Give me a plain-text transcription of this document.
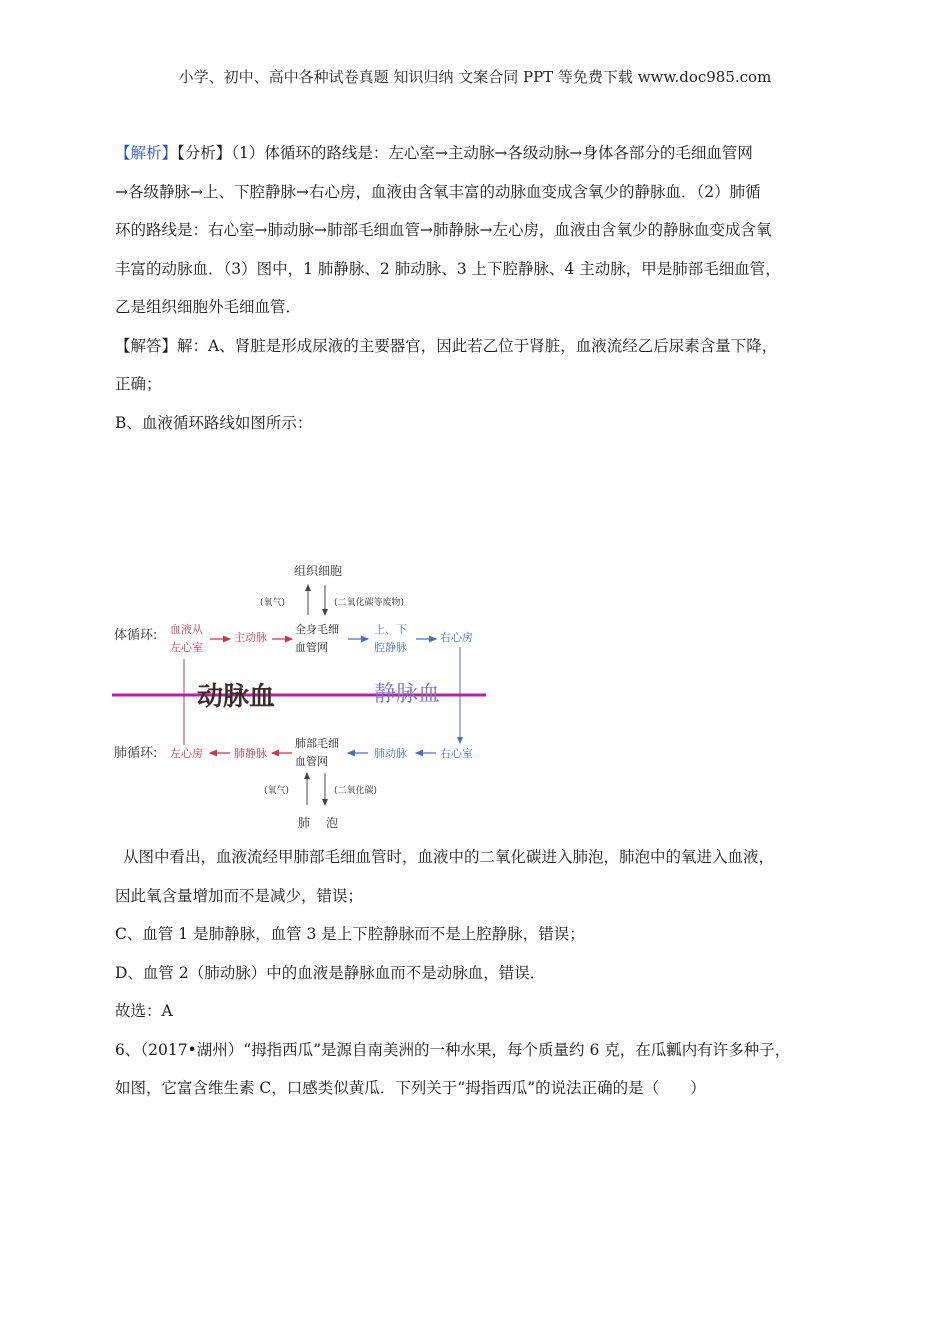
小学、初中、高中各种试卷真题 知识归纳 文案合同 PPT 等免费下载 www.doc985.com

【解析】【分析】（1）体循环的路线是：左心室→主动脉→各级动脉→身体各部分的毛细血管网

→各级静脉→上、下腔静脉→右心房，血液由含氧丰富的动脉血变成含氧少的静脉血．（2）肺循

环的路线是：右心室→肺动脉→肺部毛细血管→肺静脉→左心房，血液由含氧少的静脉血变成含氧

丰富的动脉血．（3）图中，1 肺静脉、2 肺动脉、3 上下腔静脉、4 主动脉，甲是肺部毛细血管，

乙是组织细胞外毛细血管．

【解答】解：A、肾脏是形成尿液的主要器官，因此若乙位于肾脏，血液流经乙后尿素含量下降，

正确；

B、血液循环路线如图所示：

组织细胞
(氧气)	(二氧化碳等废物)
体循环: 血液从
左心室
主动脉
全身毛细
血管网
上、下
腔静脉
右心房
动脉血	静脉血
肺循环: 左心房	肺静脉
肺部毛细
血管网
肺动脉	右心室
(氧气)	(二氧化碳)
肺 泡

从图中看出，血液流经甲肺部毛细血管时，血液中的二氧化碳进入肺泡，肺泡中的氧进入血液，

因此氧含量增加而不是减少，错误；

C、血管 1 是肺静脉，血管 3 是上下腔静脉而不是上腔静脉，错误；

D、血管 2（肺动脉）中的血液是静脉血而不是动脉血，错误．

故选：A

6、（2017•湖州）“拇指西瓜”是源自南美洲的一种水果，每个质量约 6 克，在瓜瓤内有许多种子，

如图，它富含维生素 C，口感类似黄瓜．下列关于“拇指西瓜”的说法正确的是（　　）
